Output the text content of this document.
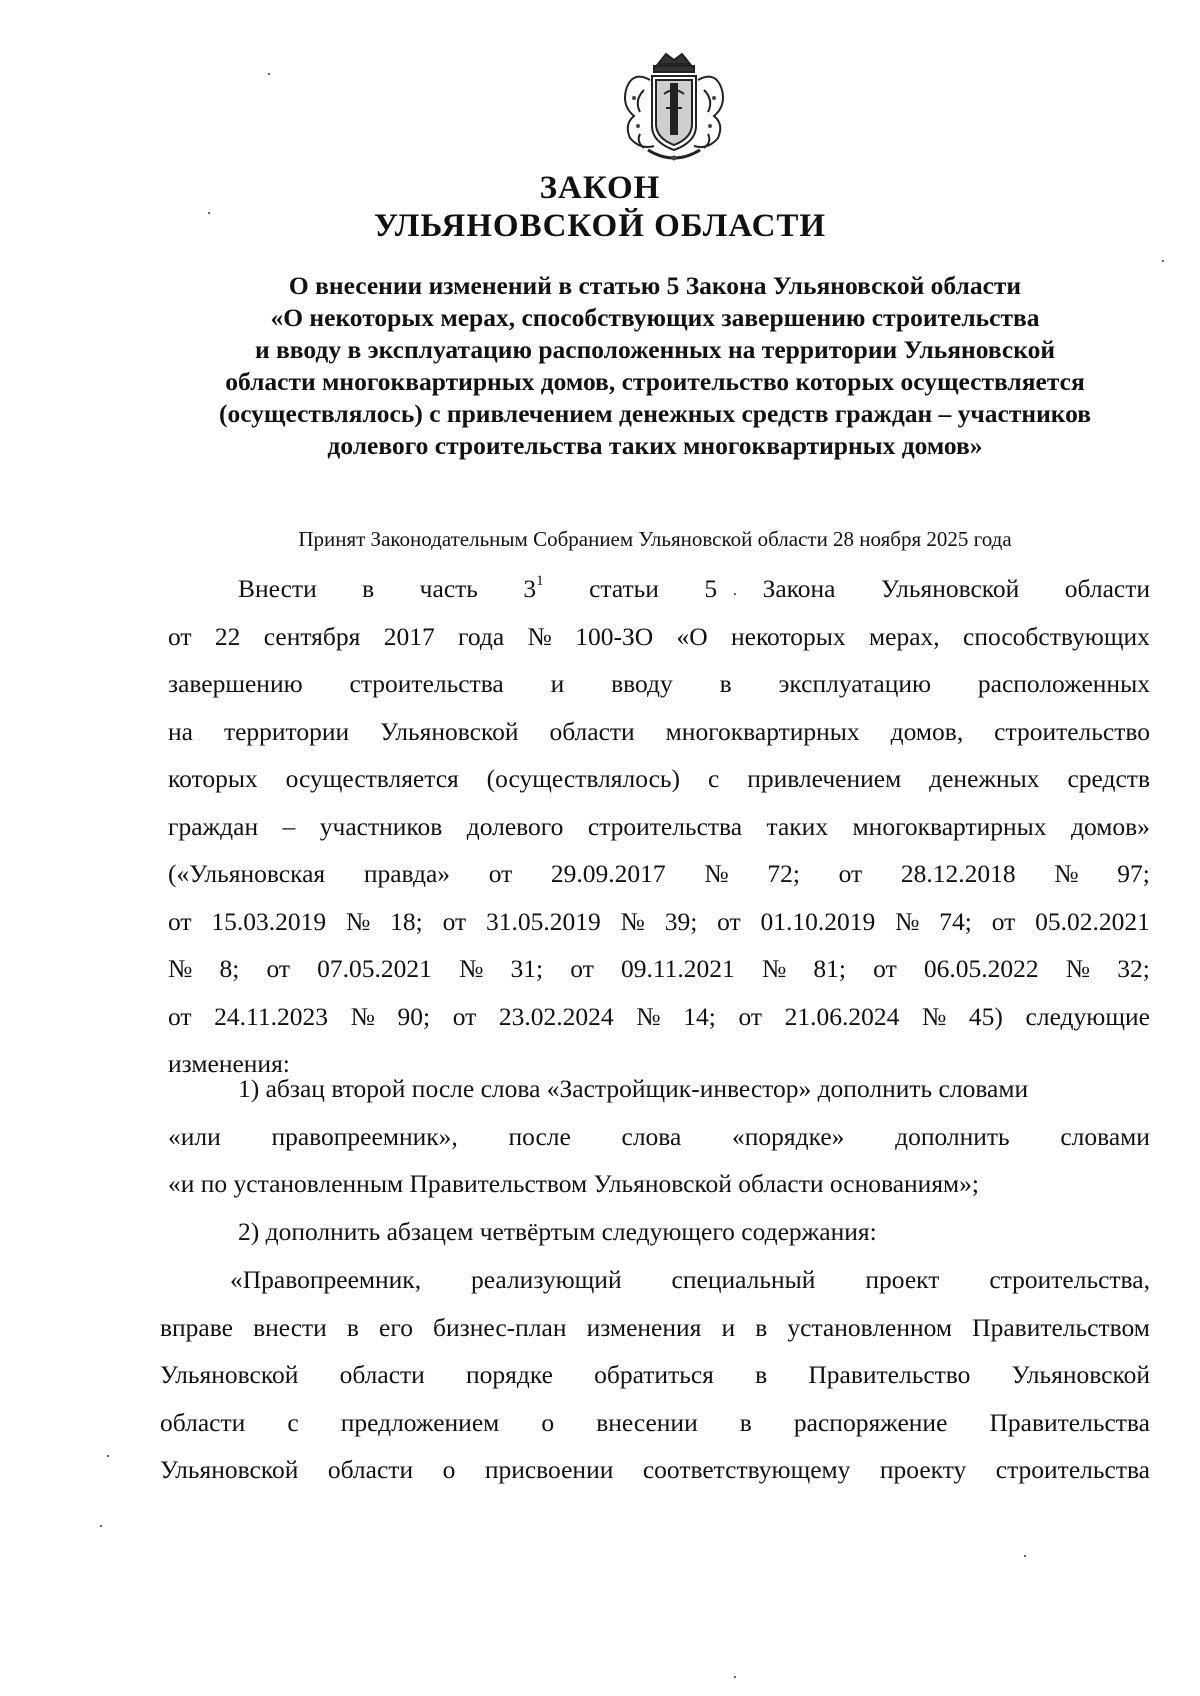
ЗАКОН
УЛЬЯНОВСКОЙ ОБЛАСТИ
О внесении изменений в статью 5 Закона Ульяновской области
«О некоторых мерах, способствующих завершению строительства
и вводу в эксплуатацию расположенных на территории Ульяновской
области многоквартирных домов, строительство которых осуществляется
(осуществлялось) с привлечением денежных средств граждан – участников
долевого строительства таких многоквартирных домов»
Принят Законодательным Собранием Ульяновской области 28 ноября 2025 года
Внести в часть $3^1$ статьи 5 Закона Ульяновской области
от 22 сентября 2017 года № 100-ЗО «О некоторых мерах, способствующих
завершению строительства и вводу в эксплуатацию расположенных
на территории Ульяновской области многоквартирных домов, строительство
которых осуществляется (осуществлялось) с привлечением денежных средств
граждан – участников долевого строительства таких многоквартирных домов»
(«Ульяновская правда» от 29.09.2017 № 72; от 28.12.2018 № 97;
от 15.03.2019 № 18; от 31.05.2019 № 39; от 01.10.2019 № 74; от 05.02.2021
№ 8; от 07.05.2021 № 31; от 09.11.2021 № 81; от 06.05.2022 № 32;
от 24.11.2023 № 90; от 23.02.2024 № 14; от 21.06.2024 № 45) следующие
изменения:
1) абзац второй после слова «Застройщик-инвестор» дополнить словами
«или правопреемник», после слова «порядке» дополнить словами
«и по установленным Правительством Ульяновской области основаниям»;
2) дополнить абзацем четвёртым следующего содержания:
«Правопреемник, реализующий специальный проект строительства,
вправе внести в его бизнес-план изменения и в установленном Правительством
Ульяновской области порядке обратиться в Правительство Ульяновской
области с предложением о внесении в распоряжение Правительства
Ульяновской области о присвоении соответствующему проекту строительства
